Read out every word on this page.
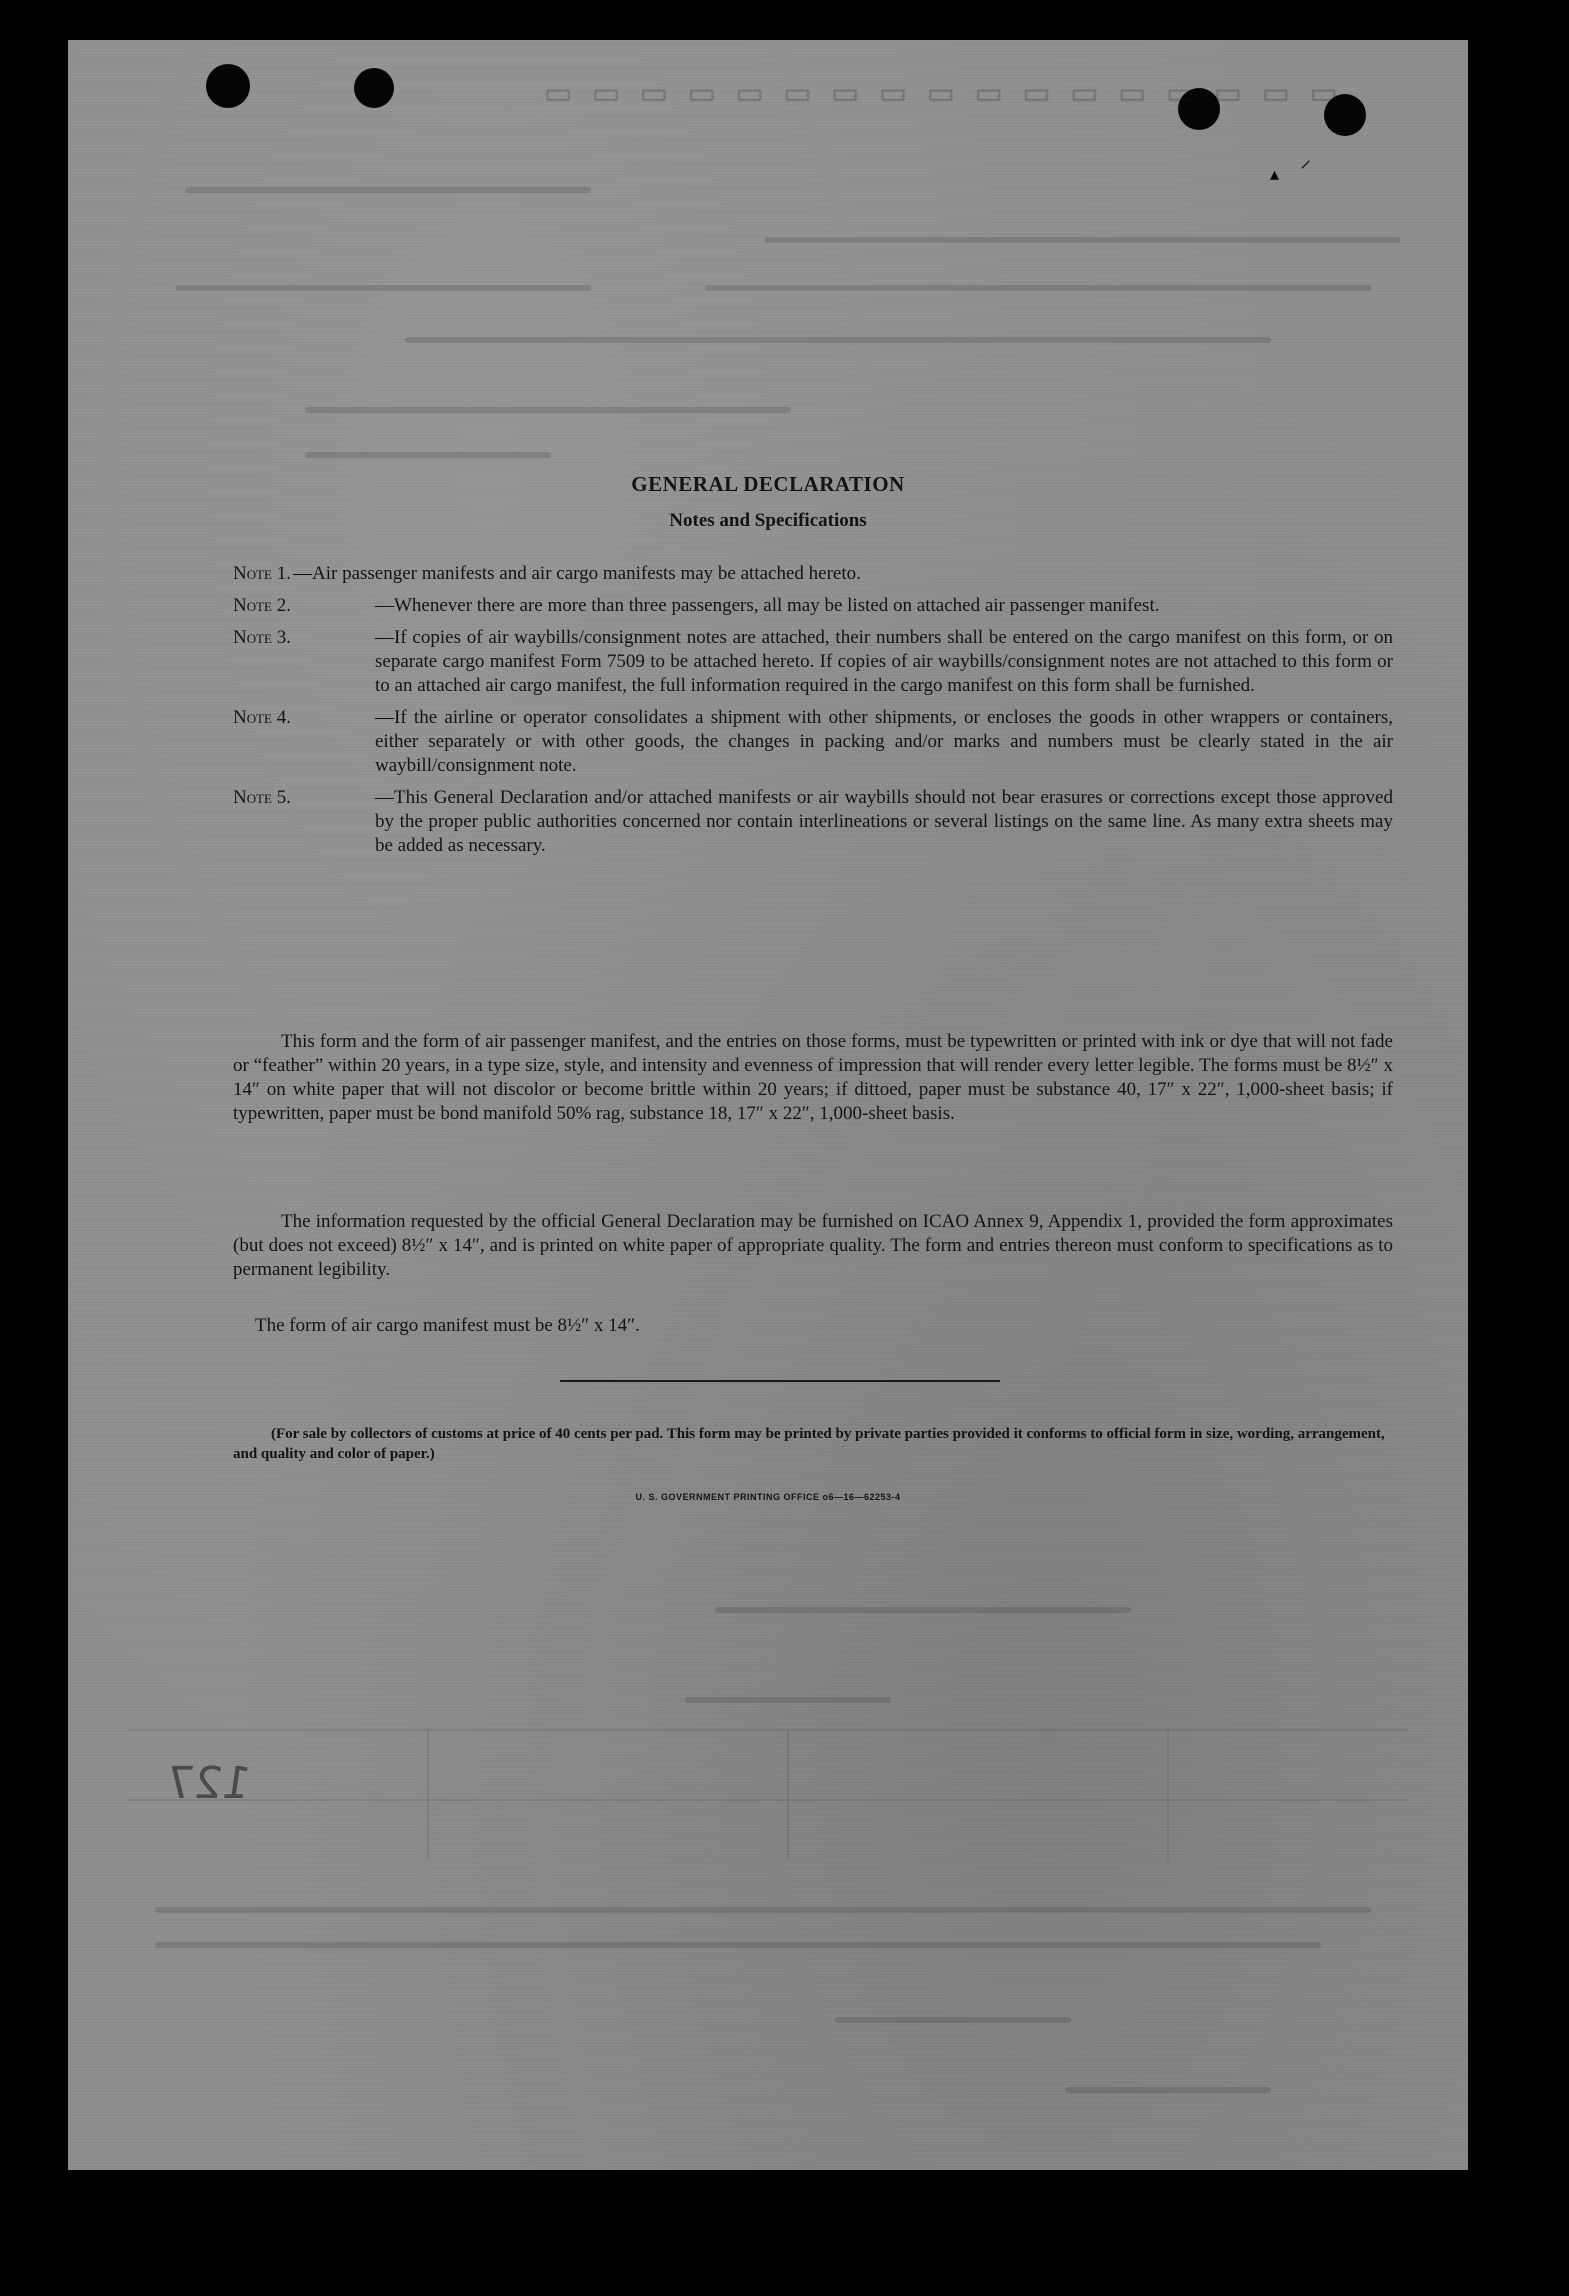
▭ ▭ ▭ ▭ ▭ ▭ ▭ ▭ ▭ ▭ ▭ ▭ ▭ ▭ ▭ ▭ ▭
⸝
▴
GENERAL DECLARATION
Notes and Specifications
Note 1. —Air passenger manifests and air cargo manifests may be attached hereto.
Note 2.	—Whenever there are more than three passengers, all may be listed on attached air passenger manifest.
Note 3.	—If copies of air waybills/consignment notes are attached, their numbers shall be entered on the cargo manifest on this form, or on separate cargo manifest Form 7509 to be attached hereto. If copies of air waybills/consignment notes are not attached to this form or to an attached air cargo manifest, the full information required in the cargo manifest on this form shall be furnished.
Note 4.	—If the airline or operator consolidates a shipment with other shipments, or encloses the goods in other wrappers or containers, either separately or with other goods, the changes in packing and/or marks and numbers must be clearly stated in the air waybill/consignment note.
Note 5.	—This General Declaration and/or attached manifests or air waybills should not bear erasures or corrections except those approved by the proper public authorities concerned nor contain interlineations or several listings on the same line. As many extra sheets may be added as necessary.
This form and the form of air passenger manifest, and the entries on those forms, must be typewritten or printed with ink or dye that will not fade or “feather” within 20 years, in a type size, style, and intensity and evenness of impression that will render every letter legible. The forms must be 8½″ x 14″ on white paper that will not discolor or become brittle within 20 years; if dittoed, paper must be substance 40, 17″ x 22″, 1,000-sheet basis; if typewritten, paper must be bond manifold 50% rag, substance 18, 17″ x 22″, 1,000-sheet basis.
The information requested by the official General Declaration may be furnished on ICAO Annex 9, Appendix 1, provided the form approximates (but does not exceed) 8½″ x 14″, and is printed on white paper of appropriate quality. The form and entries thereon must conform to specifications as to permanent legibility.
The form of air cargo manifest must be 8½″ x 14″.
(For sale by collectors of customs at price of 40 cents per pad. This form may be printed by private parties provided it conforms to official form in size, wording, arrangement, and quality and color of paper.)
U. S. GOVERNMENT PRINTING OFFICE o6—16—62253-4
127
